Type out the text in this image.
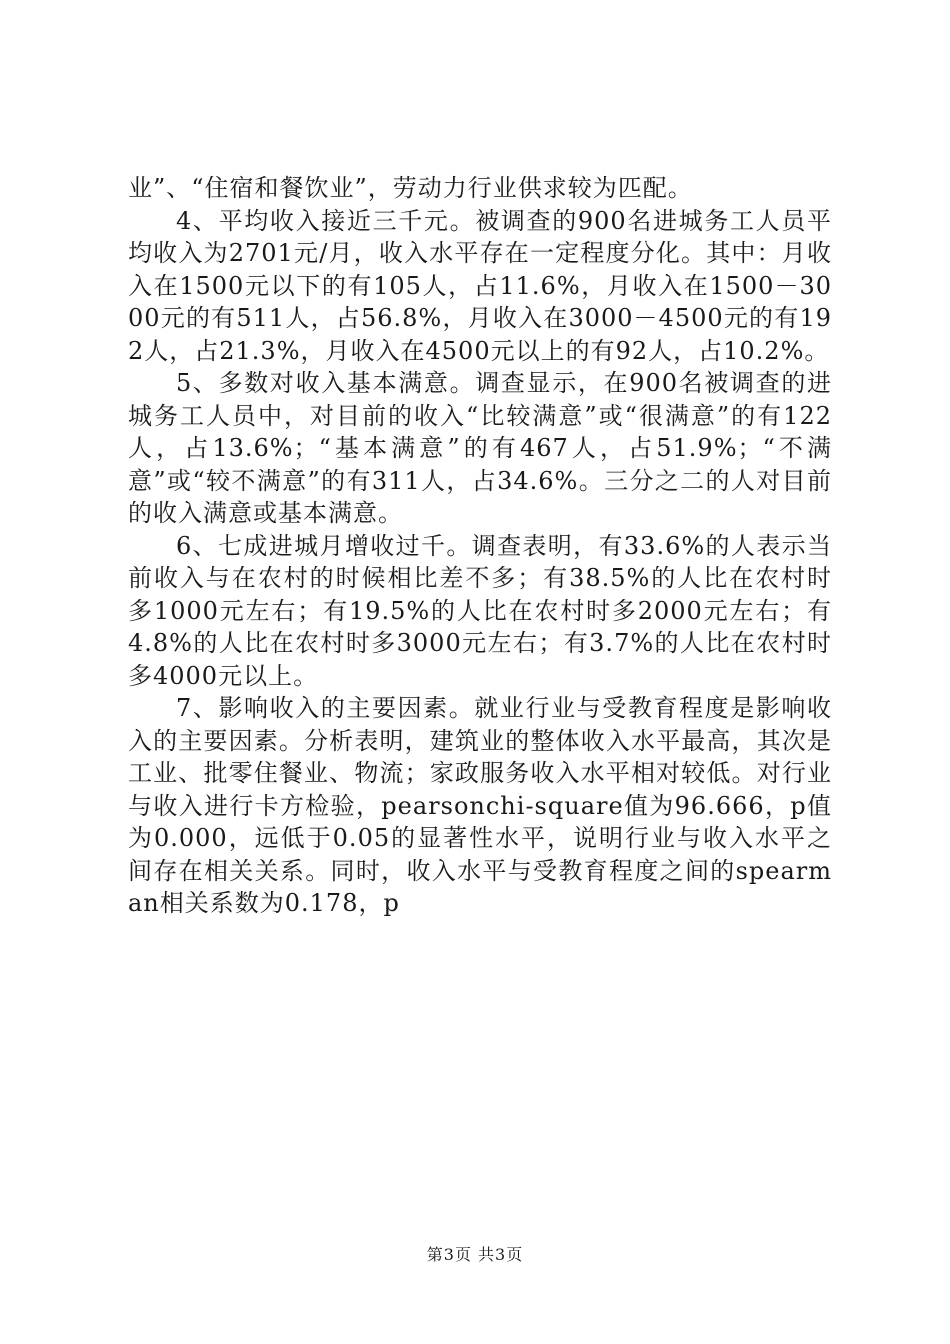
业”、“住宿和餐饮业”，劳动力行业供求较为匹配。

4、平均收入接近三千元。被调查的900名进城务工人员平均收入为2701元/月，收入水平存在一定程度分化。其中：月收入在1500元以下的有105人，占11.6%，月收入在1500－3000元的有511人，占56.8%，月收入在3000－4500元的有192人，占21.3%，月收入在4500元以上的有92人，占10.2%。

5、多数对收入基本满意。调查显示，在900名被调查的进城务工人员中，对目前的收入“比较满意”或“很满意”的有122人，占13.6%；“基本满意”的有467人，占51.9%；“不满意”或“较不满意”的有311人，占34.6%。三分之二的人对目前的收入满意或基本满意。

6、七成进城月增收过千。调查表明，有33.6%的人表示当前收入与在农村的时候相比差不多；有38.5%的人比在农村时多1000元左右；有19.5%的人比在农村时多2000元左右；有4.8%的人比在农村时多3000元左右；有3.7%的人比在农村时多4000元以上。

7、影响收入的主要因素。就业行业与受教育程度是影响收入的主要因素。分析表明，建筑业的整体收入水平最高，其次是工业、批零住餐业、物流；家政服务收入水平相对较低。对行业与收入进行卡方检验，pearsonchi-square值为96.666，p值为0.000，远低于0.05的显著性水平，说明行业与收入水平之间存在相关关系。同时，收入水平与受教育程度之间的spearman相关系数为0.178，p

第3页 共3页
